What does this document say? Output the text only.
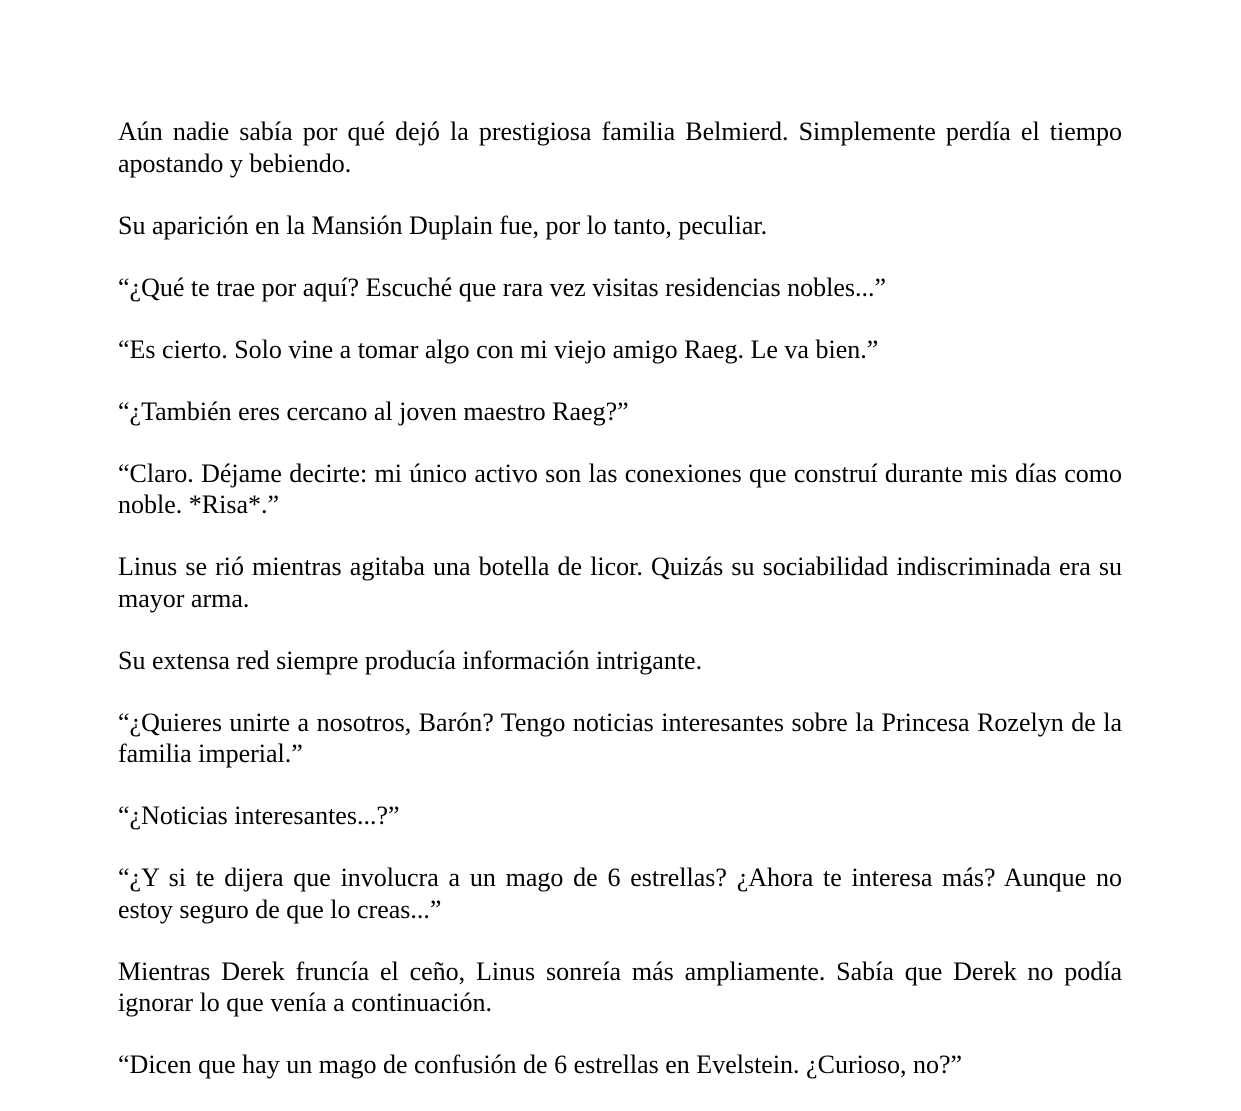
Aún nadie sabía por qué dejó la prestigiosa familia Belmierd. Simplemente perdía el tiempo apostando y bebiendo.

Su aparición en la Mansión Duplain fue, por lo tanto, peculiar.

“¿Qué te trae por aquí? Escuché que rara vez visitas residencias nobles...”

“Es cierto. Solo vine a tomar algo con mi viejo amigo Raeg. Le va bien.”

“¿También eres cercano al joven maestro Raeg?”

“Claro. Déjame decirte: mi único activo son las conexiones que construí durante mis días como noble. *Risa*.”

Linus se rió mientras agitaba una botella de licor. Quizás su sociabilidad indiscriminada era su mayor arma.

Su extensa red siempre producía información intrigante.

“¿Quieres unirte a nosotros, Barón? Tengo noticias interesantes sobre la Princesa Rozelyn de la familia imperial.”

“¿Noticias interesantes...?”

“¿Y si te dijera que involucra a un mago de 6 estrellas? ¿Ahora te interesa más? Aunque no estoy seguro de que lo creas...”

Mientras Derek fruncía el ceño, Linus sonreía más ampliamente. Sabía que Derek no podía ignorar lo que venía a continuación.

“Dicen que hay un mago de confusión de 6 estrellas en Evelstein. ¿Curioso, no?”
